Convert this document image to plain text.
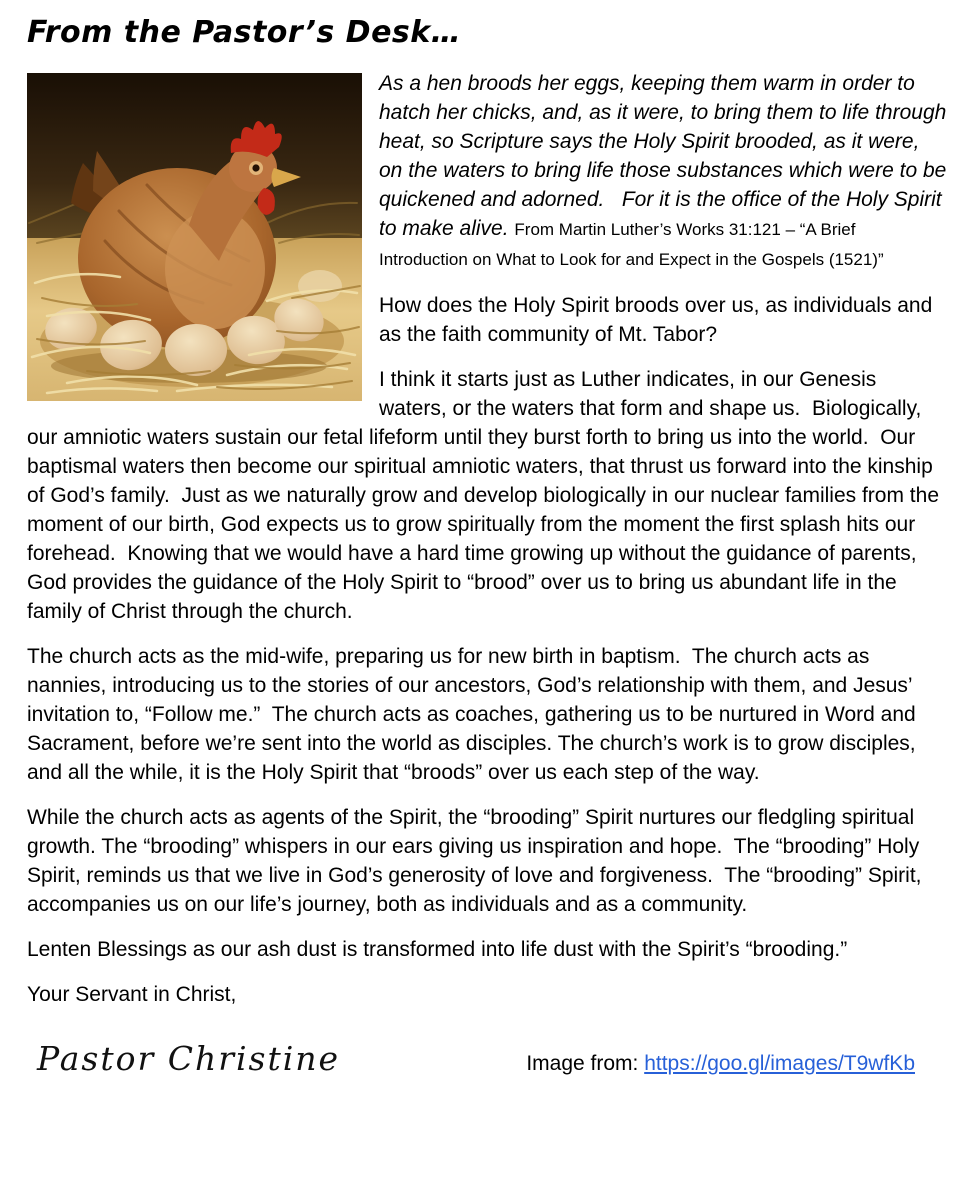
From the Pastor’s Desk…

As a hen broods her eggs, keeping them warm in order to hatch her chicks, and, as it were, to bring them to life through heat, so Scripture says the Holy Spirit brooded, as it were, on the waters to bring life those substances which were to be quickened and adorned.   For it is the office of the Holy Spirit to make alive. From Martin Luther’s Works 31:121 – “A Brief Introduction on What to Look for and Expect in the Gospels (1521)”

How does the Holy Spirit broods over us, as individuals and as the faith community of Mt. Tabor?

I think it starts just as Luther indicates, in our Genesis waters, or the waters that form and shape us.  Biologically, our amniotic waters sustain our fetal lifeform until they burst forth to bring us into the world.  Our baptismal waters then become our spiritual amniotic waters, that thrust us forward into the kinship of God’s family.  Just as we naturally grow and develop biologically in our nuclear families from the moment of our birth, God expects us to grow spiritually from the moment the first splash hits our forehead.  Knowing that we would have a hard time growing up without the guidance of parents, God provides the guidance of the Holy Spirit to “brood” over us to bring us abundant life in the family of Christ through the church.

The church acts as the mid-wife, preparing us for new birth in baptism.  The church acts as nannies, introducing us to the stories of our ancestors, God’s relationship with them, and Jesus’ invitation to, “Follow me.”  The church acts as coaches, gathering us to be nurtured in Word and Sacrament, before we’re sent into the world as disciples. The church’s work is to grow disciples, and all the while, it is the Holy Spirit that “broods” over us each step of the way.

While the church acts as agents of the Spirit, the “brooding” Spirit nurtures our fledgling spiritual growth. The “brooding” whispers in our ears giving us inspiration and hope.  The “brooding” Holy Spirit, reminds us that we live in God’s generosity of love and forgiveness.  The “brooding” Spirit, accompanies us on our life’s journey, both as individuals and as a community.

Lenten Blessings as our ash dust is transformed into life dust with the Spirit’s “brooding.”

Your Servant in Christ,

Pastor Christine	Image from: https://goo.gl/images/T9wfKb
